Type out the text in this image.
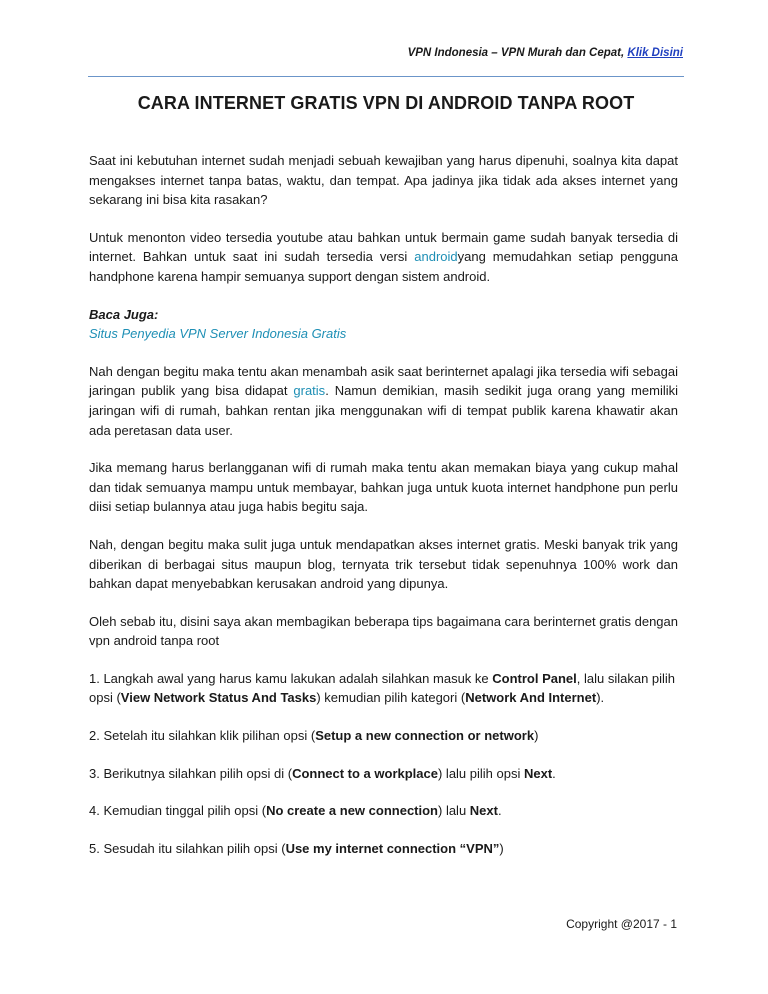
VPN Indonesia – VPN Murah dan Cepat, Klik Disini
CARA INTERNET GRATIS VPN DI ANDROID TANPA ROOT

Saat ini kebutuhan internet sudah menjadi sebuah kewajiban yang harus dipenuhi, soalnya kita dapat mengakses internet tanpa batas, waktu, dan tempat. Apa jadinya jika tidak ada akses internet yang sekarang ini bisa kita rasakan?

Untuk menonton video tersedia youtube atau bahkan untuk bermain game sudah banyak tersedia di internet. Bahkan untuk saat ini sudah tersedia versi androidyang memudahkan setiap pengguna handphone karena hampir semuanya support dengan sistem android.

Baca Juga:
Situs Penyedia VPN Server Indonesia Gratis

Nah dengan begitu maka tentu akan menambah asik saat berinternet apalagi jika tersedia wifi sebagai jaringan publik yang bisa didapat gratis. Namun demikian, masih sedikit juga orang yang memiliki jaringan wifi di rumah, bahkan rentan jika menggunakan wifi di tempat publik karena khawatir akan ada peretasan data user.

Jika memang harus berlangganan wifi di rumah maka tentu akan memakan biaya yang cukup mahal dan tidak semuanya mampu untuk membayar, bahkan juga untuk kuota internet handphone pun perlu diisi setiap bulannya atau juga habis begitu saja.

Nah, dengan begitu maka sulit juga untuk mendapatkan akses internet gratis. Meski banyak trik yang diberikan di berbagai situs maupun blog, ternyata trik tersebut tidak sepenuhnya 100% work dan bahkan dapat menyebabkan kerusakan android yang dipunya.

Oleh sebab itu, disini saya akan membagikan beberapa tips bagaimana cara berinternet gratis dengan vpn android tanpa root

1. Langkah awal yang harus kamu lakukan adalah silahkan masuk ke Control Panel, lalu silakan pilih opsi (View Network Status And Tasks) kemudian pilih kategori (Network And Internet).
2. Setelah itu silahkan klik pilihan opsi (Setup a new connection or network)
3. Berikutnya silahkan pilih opsi di (Connect to a workplace) lalu pilih opsi Next.
4. Kemudian tinggal pilih opsi (No create a new connection) lalu Next.
5. Sesudah itu silahkan pilih opsi (Use my internet connection “VPN”)
Copyright @2017 - 1
